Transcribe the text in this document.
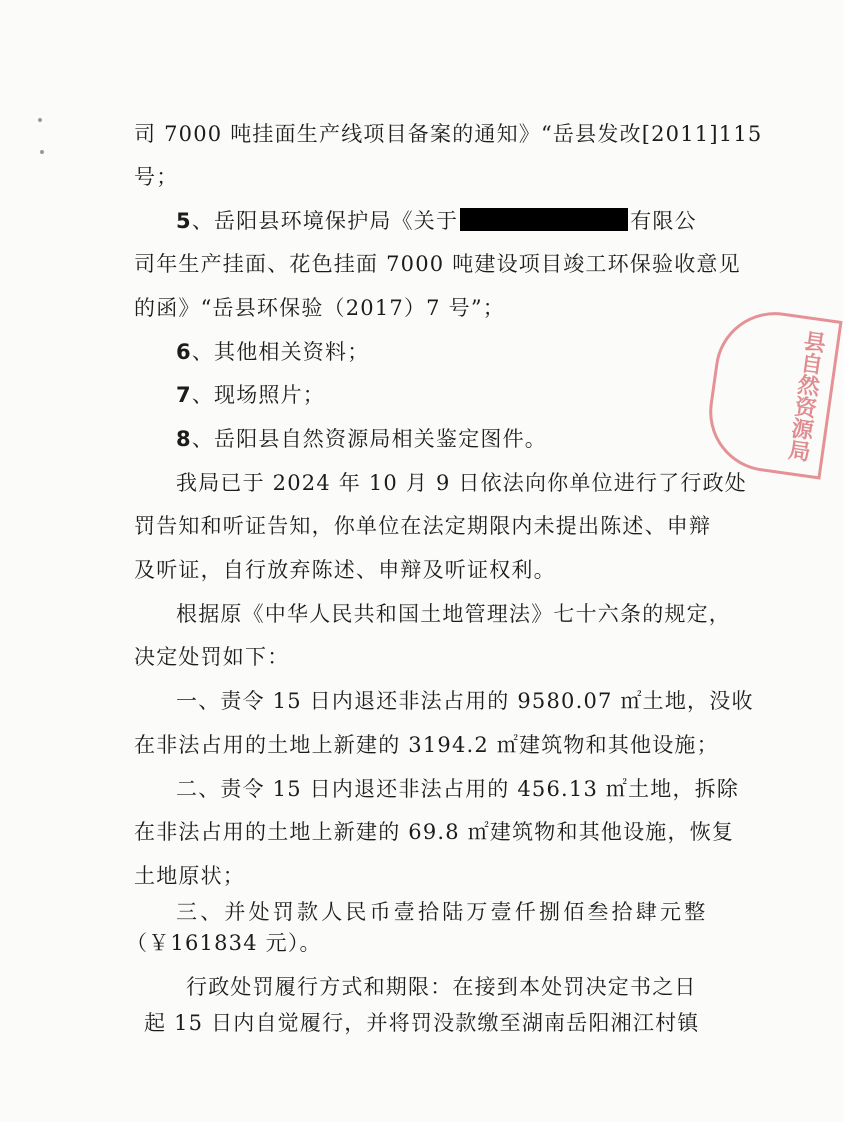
司 7000 吨挂面生产线项目备案的通知》“岳县发改[2011]115
号；
5、岳阳县环境保护局《关于	有限公
司年生产挂面、花色挂面 7000 吨建设项目竣工环保验收意见
的函》“岳县环保验（2017）7 号”；
6、其他相关资料；
7、现场照片；
8、岳阳县自然资源局相关鉴定图件。
我局已于 2024 年 10 月 9 日依法向你单位进行了行政处
罚告知和听证告知，你单位在法定期限内未提出陈述、申辩
及听证，自行放弃陈述、申辩及听证权利。
根据原《中华人民共和国土地管理法》七十六条的规定，
决定处罚如下：
一、责令 15 日内退还非法占用的 9580.07 ㎡土地，没收
在非法占用的土地上新建的 3194.2 ㎡建筑物和其他设施；
二、责令 15 日内退还非法占用的 456.13 ㎡土地，拆除
在非法占用的土地上新建的 69.8 ㎡建筑物和其他设施，恢复
土地原状；
三、并处罚款人民币壹拾陆万壹仟捌佰叁拾肆元整
（￥161834 元）。
行政处罚履行方式和期限：在接到本处罚决定书之日
起 15 日内自觉履行，并将罚没款缴至湖南岳阳湘江村镇
县自然资源局
